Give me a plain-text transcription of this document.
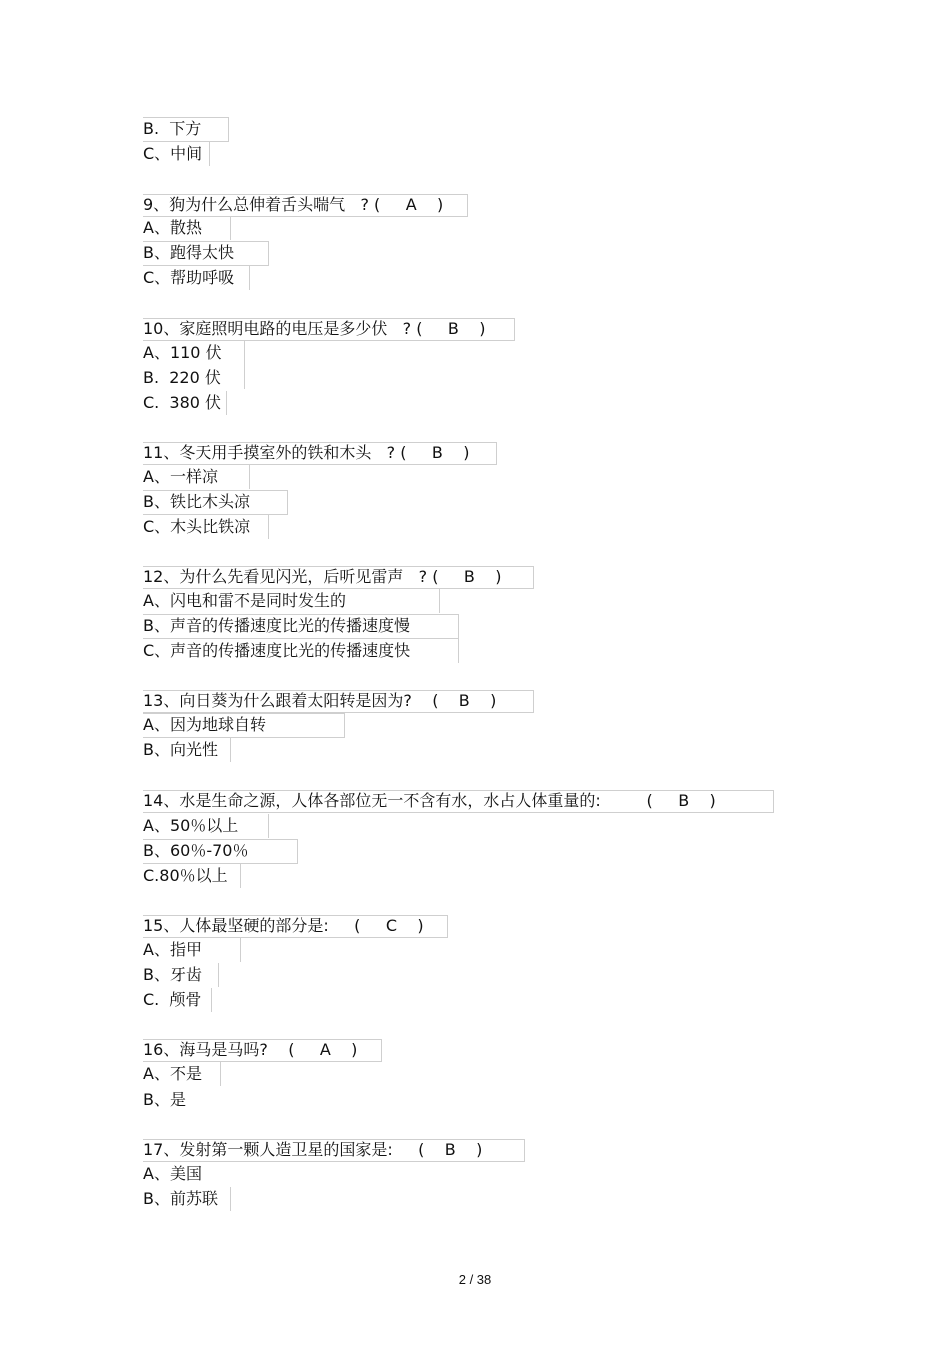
B.  下方
C、中间
9、狗为什么总伸着舌头喘气   ? (     A    )
A、散热
B、跑得太快
C、帮助呼吸
10、家庭照明电路的电压是多少伏   ? (     B    )
A、110 伏
B.  220 伏
C.  380 伏
11、冬天用手摸室外的铁和木头   ? (     B    )
A、一样凉
B、铁比木头凉
C、木头比铁凉
12、为什么先看见闪光，后听见雷声   ? (     B    )
A、闪电和雷不是同时发生的
B、声音的传播速度比光的传播速度慢
C、声音的传播速度比光的传播速度快
13、向日葵为什么跟着太阳转是因为?    (    B    )
A、因为地球自转
B、向光性
14、水是生命之源，人体各部位无一不含有水，水占人体重量的:         (     B    )
A、50％以上
B、60％-70％
C.80％以上
15、人体最坚硬的部分是:     (     C    )
A、指甲
B、牙齿
C.  颅骨
16、海马是马吗?    (     A    )
A、不是
B、是
17、发射第一颗人造卫星的国家是:     (    B    )
A、美国
B、前苏联
2 / 38
